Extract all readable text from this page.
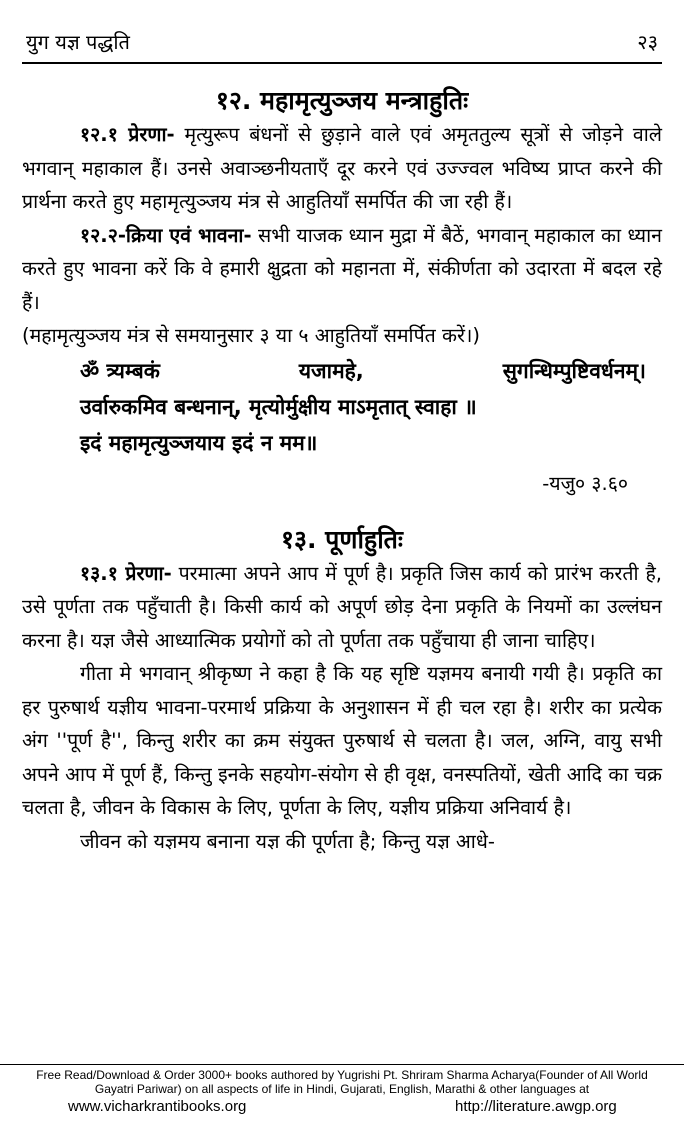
युग यज्ञ पद्धति	२३
१२. महामृत्युञ्जय मन्त्राहुतिः

१२.१ प्रेरणा- मृत्युरूप बंधनों से छुड़ाने वाले एवं अमृततुल्य सूत्रों से जोड़ने वाले भगवान् महाकाल हैं। उनसे अवाञ्छनीयताएँ दूर करने एवं उज्ज्वल भविष्य प्राप्त करने की प्रार्थना करते हुए महामृत्युञ्जय मंत्र से आहुतियाँ समर्पित की जा रही हैं।

१२.२-क्रिया एवं भावना- सभी याजक ध्यान मुद्रा में बैठें, भगवान् महाकाल का ध्यान करते हुए भावना करें कि वे हमारी क्षुद्रता को महानता में, संकीर्णता को उदारता में बदल रहे हैं।

(महामृत्युञ्जय मंत्र से समयानुसार ३ या ५ आहुतियाँ समर्पित करें।)

ॐ त्र्यम्बकं	यजामहे,	सुगन्धिम्पुष्टिवर्धनम्।
उर्वारुकमिव बन्धनान्, मृत्योर्मुक्षीय माऽमृतात् स्वाहा ॥
इदं महामृत्युञ्जयाय इदं न मम॥

-यजु० ३.६०

१३. पूर्णाहुतिः

१३.१ प्रेरणा- परमात्मा अपने आप में पूर्ण है। प्रकृति जिस कार्य को प्रारंभ करती है, उसे पूर्णता तक पहुँचाती है। किसी कार्य को अपूर्ण छोड़ देना प्रकृति के नियमों का उल्लंघन करना है। यज्ञ जैसे आध्यात्मिक प्रयोगों को तो पूर्णता तक पहुँचाया ही जाना चाहिए।

गीता मे भगवान् श्रीकृष्ण ने कहा है कि यह सृष्टि यज्ञमय बनायी गयी है। प्रकृति का हर पुरुषार्थ यज्ञीय भावना-परमार्थ प्रक्रिया के अनुशासन में ही चल रहा है। शरीर का प्रत्येक अंग ''पूर्ण है'', किन्तु शरीर का क्रम संयुक्त पुरुषार्थ से चलता है। जल, अग्नि, वायु सभी अपने आप में पूर्ण हैं, किन्तु इनके सहयोग-संयोग से ही वृक्ष, वनस्पतियों, खेती आदि का चक्र चलता है, जीवन के विकास के लिए, पूर्णता के लिए, यज्ञीय प्रक्रिया अनिवार्य है।

जीवन को यज्ञमय बनाना यज्ञ की पूर्णता है; किन्तु यज्ञ आधे-

Free Read/Download & Order 3000+ books authored by Yugrishi Pt. Shriram Sharma Acharya(Founder of All World Gayatri Pariwar) on all aspects of life in Hindi, Gujarati, English, Marathi & other languages at
www.vicharkrantibooks.org	http://literature.awgp.org
